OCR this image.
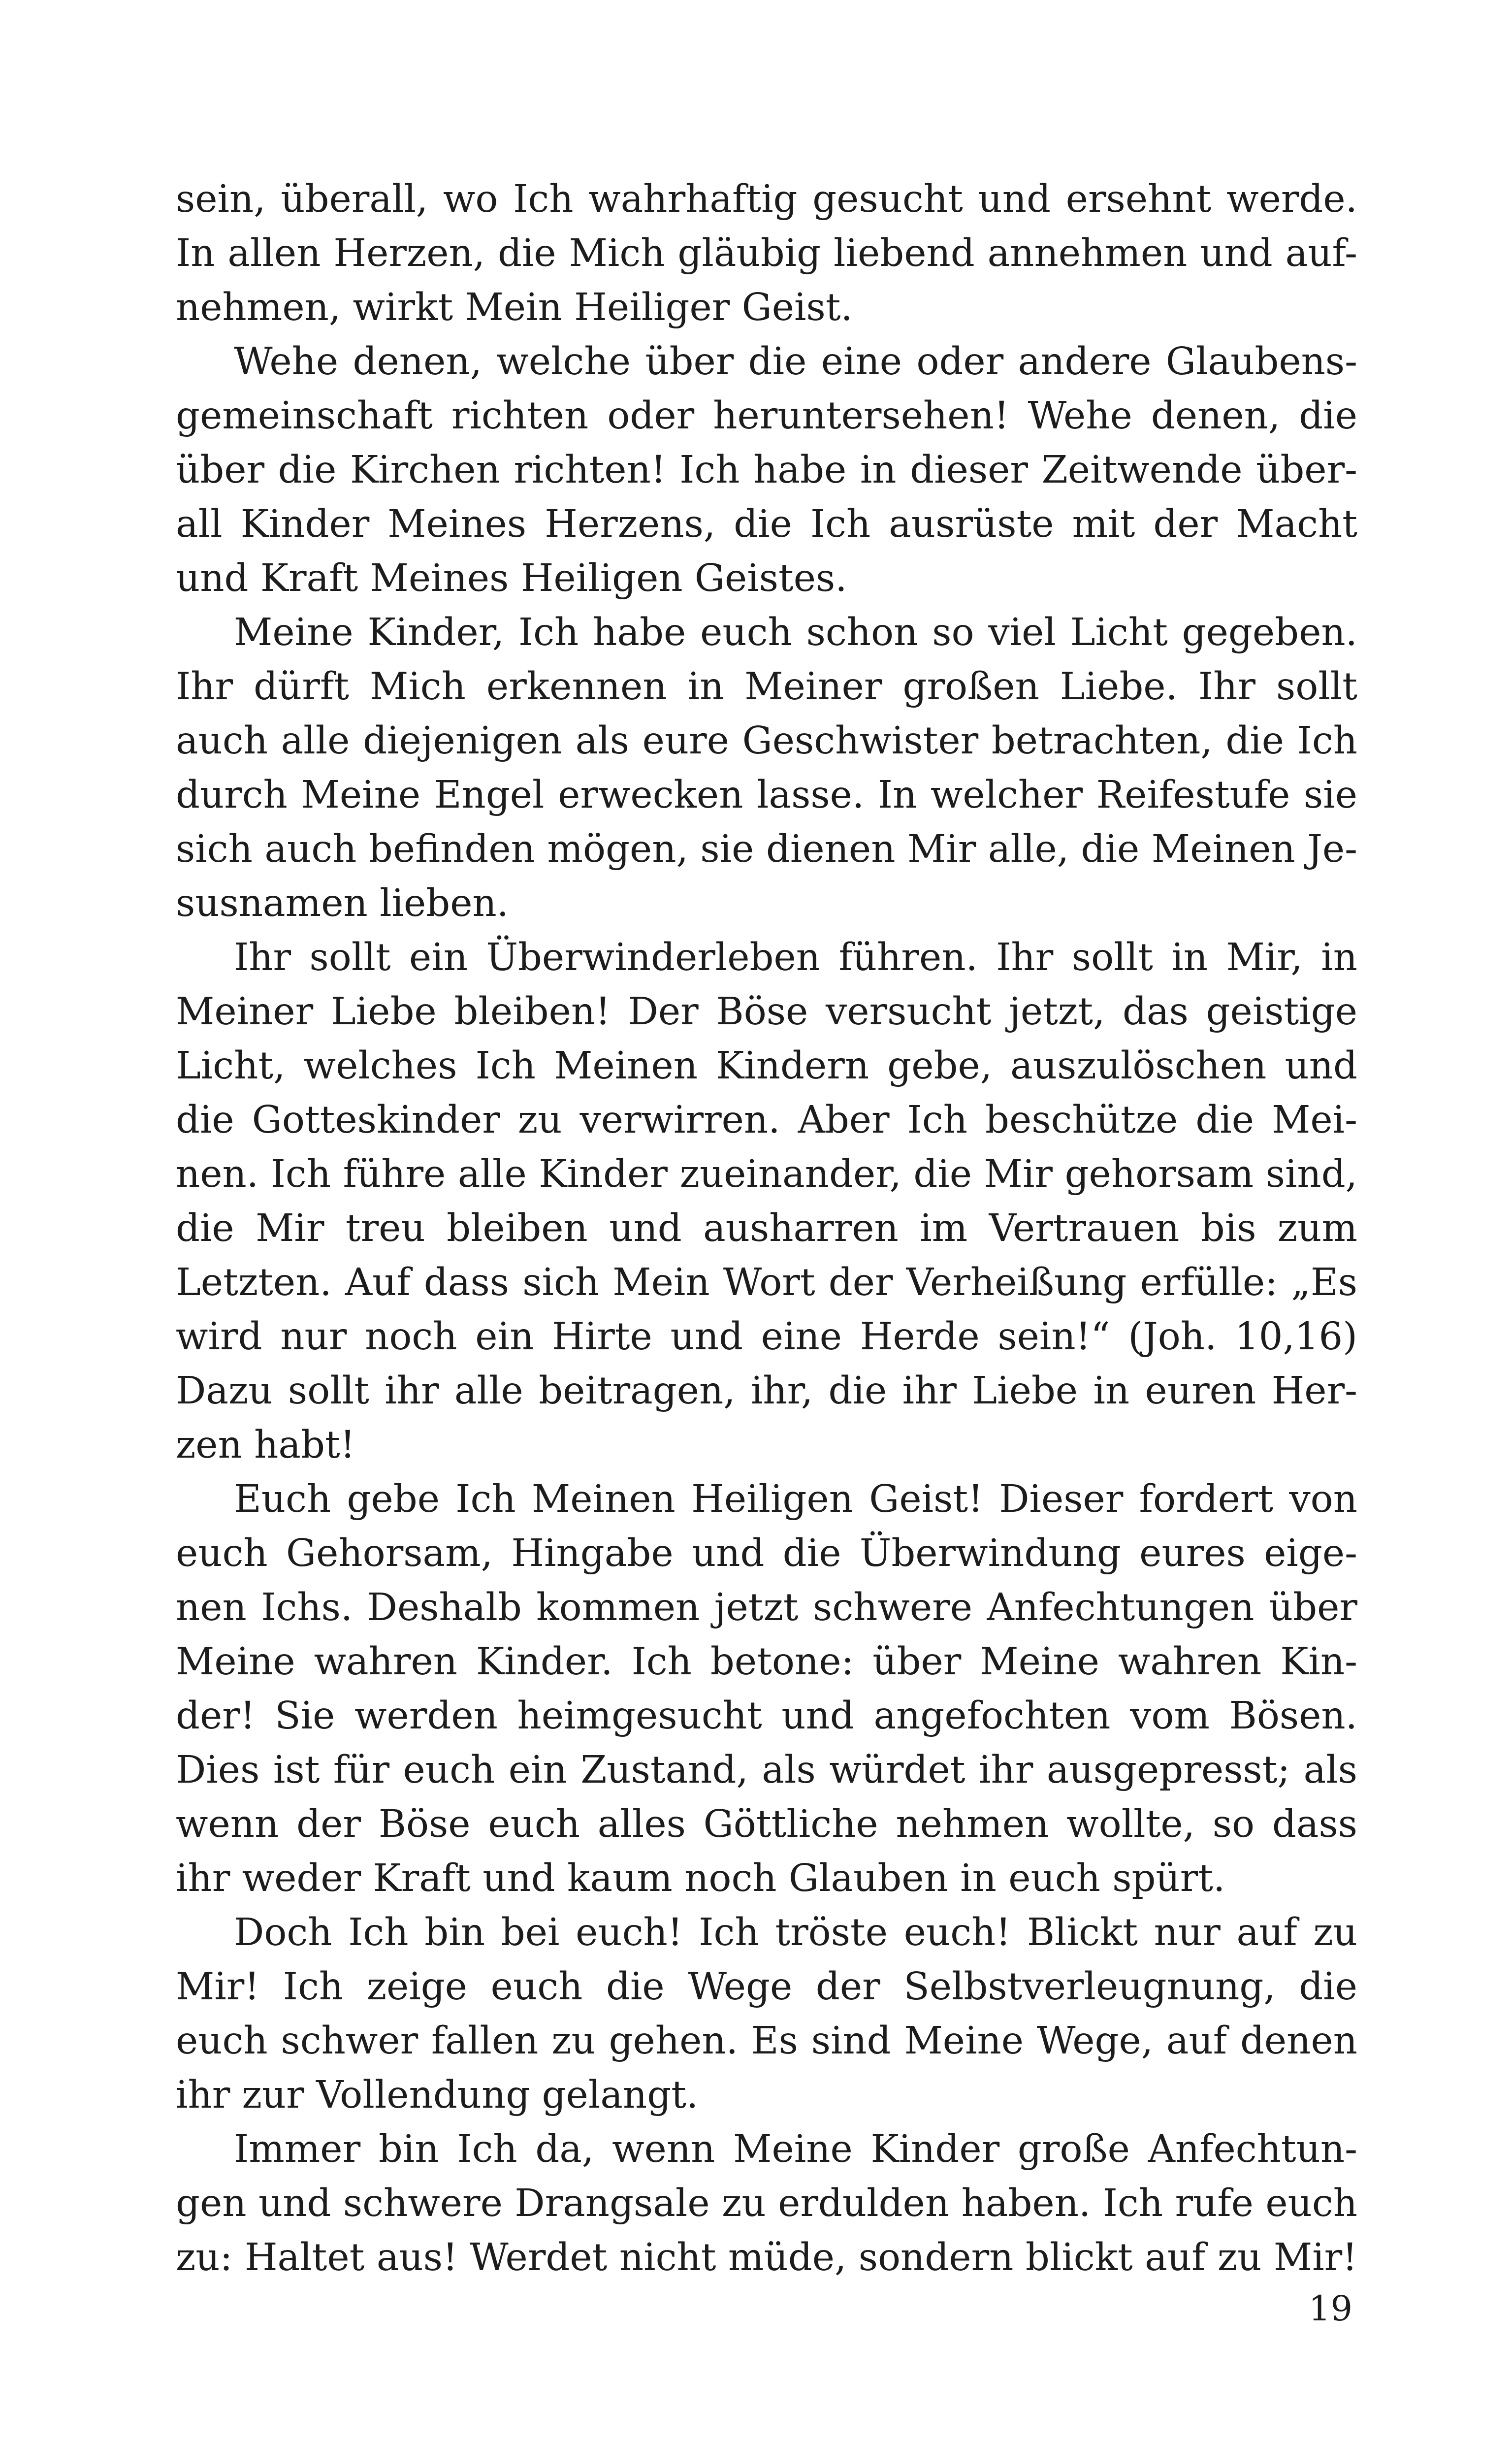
sein, überall, wo Ich wahrhaftig gesucht und ersehnt werde.
In allen Herzen, die Mich gläubig liebend annehmen und auf-
nehmen, wirkt Mein Heiliger Geist.
Wehe denen, welche über die eine oder andere Glaubens-
gemeinschaft richten oder heruntersehen! Wehe denen, die
über die Kirchen richten! Ich habe in dieser Zeitwende über-
all Kinder Meines Herzens, die Ich ausrüste mit der Macht
und Kraft Meines Heiligen Geistes.
Meine Kinder, Ich habe euch schon so viel Licht gegeben.
Ihr dürft Mich erkennen in Meiner großen Liebe. Ihr sollt
auch alle diejenigen als eure Geschwister betrachten, die Ich
durch Meine Engel erwecken lasse. In welcher Reifestufe sie
sich auch befinden mögen, sie dienen Mir alle, die Meinen Je-
susnamen lieben.
Ihr sollt ein Überwinderleben führen. Ihr sollt in Mir, in
Meiner Liebe bleiben! Der Böse versucht jetzt, das geistige
Licht, welches Ich Meinen Kindern gebe, auszulöschen und
die Gotteskinder zu verwirren. Aber Ich beschütze die Mei-
nen. Ich führe alle Kinder zueinander, die Mir gehorsam sind,
die Mir treu bleiben und ausharren im Vertrauen bis zum
Letzten. Auf dass sich Mein Wort der Verheißung erfülle: „Es
wird nur noch ein Hirte und eine Herde sein!“ (Joh. 10,16)
Dazu sollt ihr alle beitragen, ihr, die ihr Liebe in euren Her-
zen habt!
Euch gebe Ich Meinen Heiligen Geist! Dieser fordert von
euch Gehorsam, Hingabe und die Überwindung eures eige-
nen Ichs. Deshalb kommen jetzt schwere Anfechtungen über
Meine wahren Kinder. Ich betone: über Meine wahren Kin-
der! Sie werden heimgesucht und angefochten vom Bösen.
Dies ist für euch ein Zustand, als würdet ihr ausgepresst; als
wenn der Böse euch alles Göttliche nehmen wollte, so dass
ihr weder Kraft und kaum noch Glauben in euch spürt.
Doch Ich bin bei euch! Ich tröste euch! Blickt nur auf zu
Mir! Ich zeige euch die Wege der Selbstverleugnung, die
euch schwer fallen zu gehen. Es sind Meine Wege, auf denen
ihr zur Vollendung gelangt.
Immer bin Ich da, wenn Meine Kinder große Anfechtun-
gen und schwere Drangsale zu erdulden haben. Ich rufe euch
zu: Haltet aus! Werdet nicht müde, sondern blickt auf zu Mir!
19
